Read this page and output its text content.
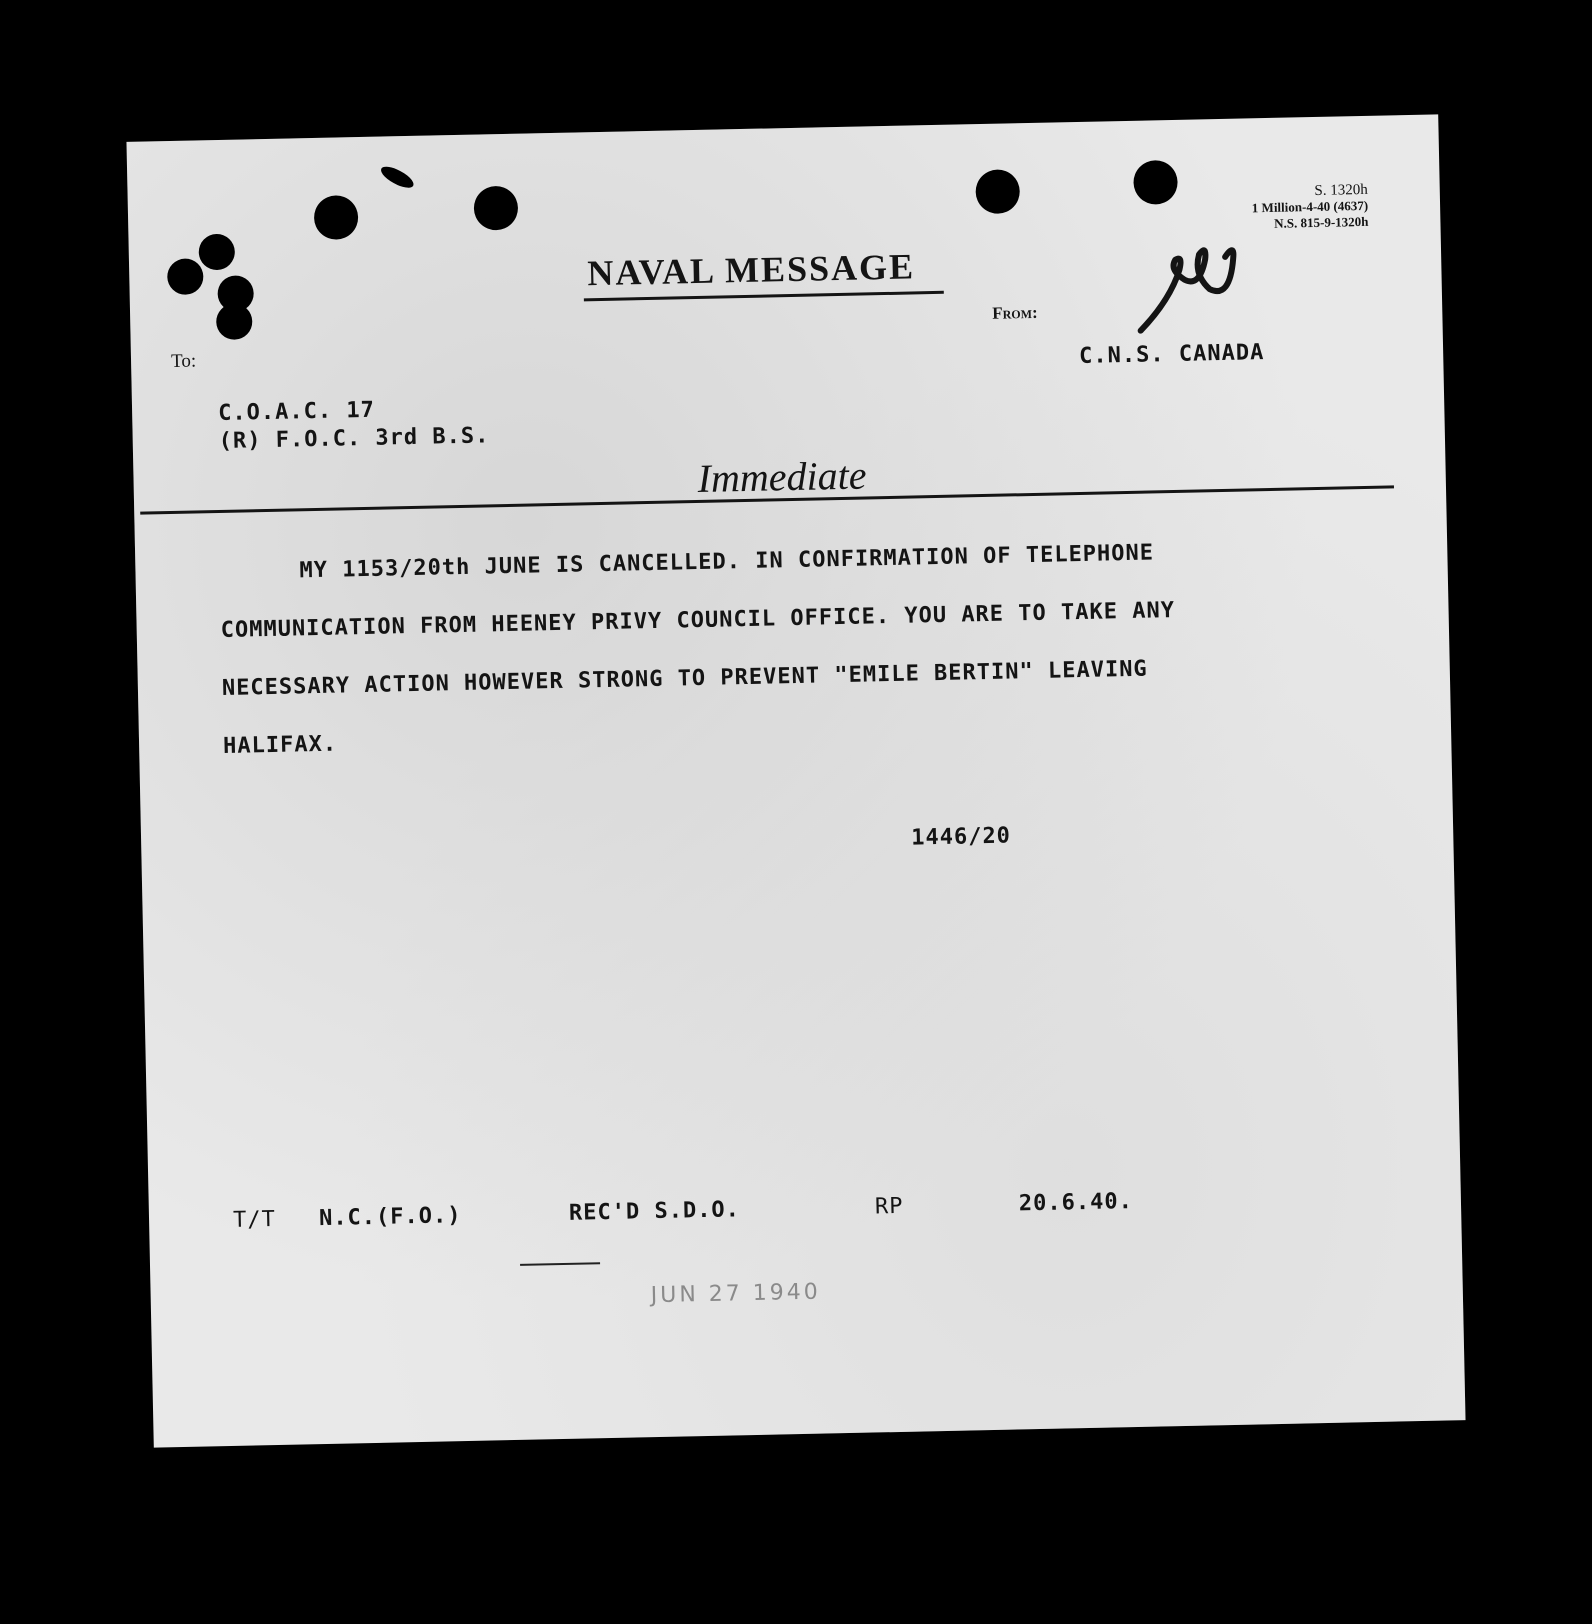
S. 1320h
1 Million-4-40 (4637)
N.S. 815-9-1320h
NAVAL MESSAGE
From:
To:	C.N.S. CANADA
C.O.A.C. 17
(R) F.O.C. 3rd B.S.
Immediate

MY 1153/20th JUNE IS CANCELLED. IN CONFIRMATION OF TELEPHONE

COMMUNICATION FROM HEENEY PRIVY COUNCIL OFFICE. YOU ARE TO TAKE ANY

NECESSARY ACTION HOWEVER STRONG TO PREVENT "EMILE BERTIN" LEAVING

HALIFAX.

1446/20
T/T N.C.(F.O.)	REC'D S.D.O.	RP	20.6.40.
JUN 27 1940
